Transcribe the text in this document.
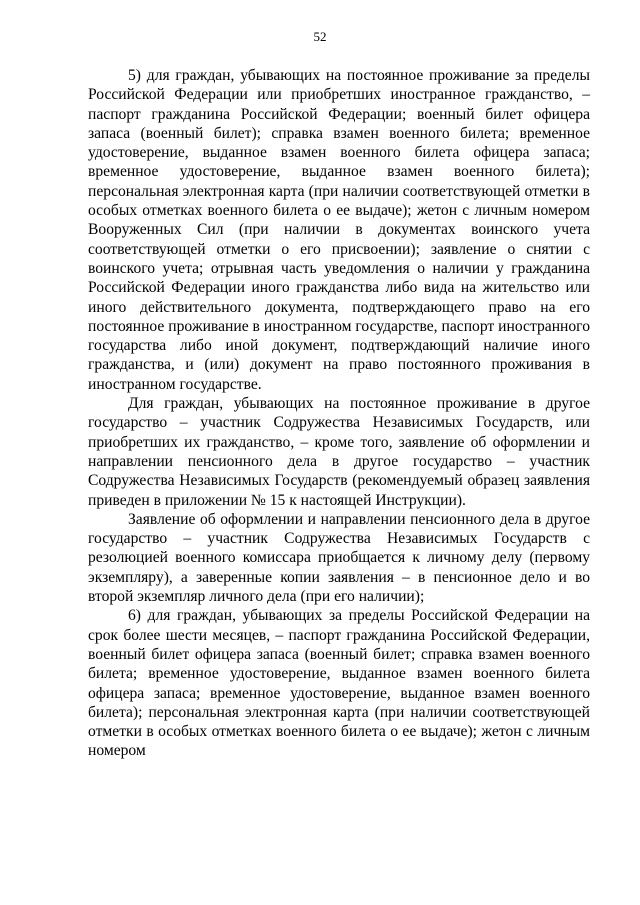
52

5) для граждан, убывающих на постоянное проживание за пределы Российской Федерации или приобретших иностранное гражданство, – паспорт гражданина Российской Федерации; военный билет офицера запаса (военный билет); справка взамен военного билета; временное удостоверение, выданное взамен военного билета офицера запаса; временное удостоверение, выданное взамен военного билета); персональная электронная карта (при наличии соответствующей отметки в особых отметках военного билета о ее выдаче); жетон с личным номером Вооруженных Сил (при наличии в документах воинского учета соответствующей отметки о его присвоении); заявление о снятии с воинского учета; отрывная часть уведомления о наличии у гражданина Российской Федерации иного гражданства либо вида на жительство или иного действительного документа, подтверждающего право на его постоянное проживание в иностранном государстве, паспорт иностранного государства либо иной документ, подтверждающий наличие иного гражданства, и (или) документ на право постоянного проживания в иностранном государстве.

Для граждан, убывающих на постоянное проживание в другое государство – участник Содружества Независимых Государств, или приобретших их гражданство, – кроме того, заявление об оформлении и направлении пенсионного дела в другое государство – участник Содружества Независимых Государств (рекомендуемый образец заявления приведен в приложении № 15 к настоящей Инструкции).

Заявление об оформлении и направлении пенсионного дела в другое государство – участник Содружества Независимых Государств с резолюцией военного комиссара приобщается к личному делу (первому экземпляру), а заверенные копии заявления – в пенсионное дело и во второй экземпляр личного дела (при его наличии);

6) для граждан, убывающих за пределы Российской Федерации на срок более шести месяцев, – паспорт гражданина Российской Федерации, военный билет офицера запаса (военный билет; справка взамен военного билета; временное удостоверение, выданное взамен военного билета офицера запаса; временное удостоверение, выданное взамен военного билета); персональная электронная карта (при наличии соответствующей отметки в особых отметках военного билета о ее выдаче); жетон с личным номером
